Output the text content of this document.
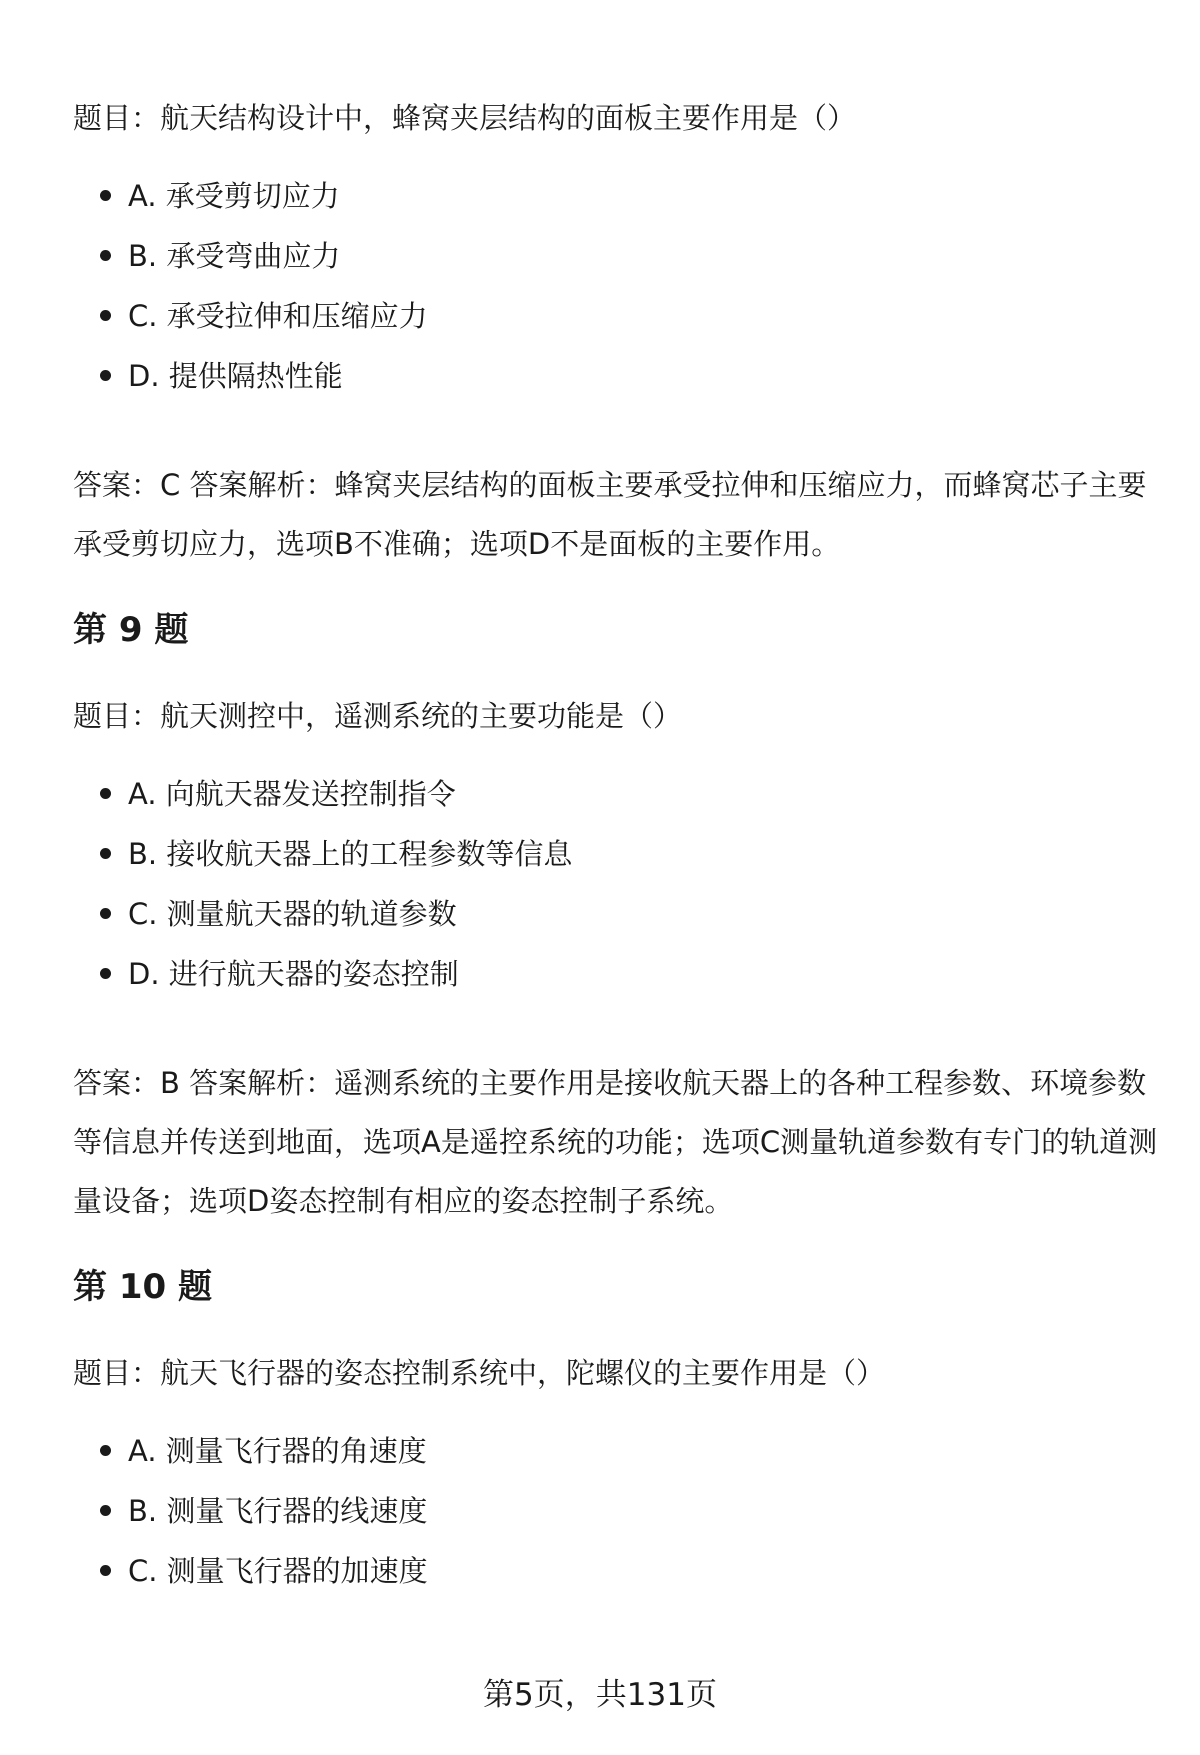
题目：航天结构设计中，蜂窝夹层结构的面板主要作用是（）

A. 承受剪切应力
B. 承受弯曲应力
C. 承受拉伸和压缩应力
D. 提供隔热性能

答案：C 答案解析：蜂窝夹层结构的面板主要承受拉伸和压缩应力，而蜂窝芯子主要承受剪切应力，选项B不准确；选项D不是面板的主要作用。

第 9 题

题目：航天测控中，遥测系统的主要功能是（）

A. 向航天器发送控制指令
B. 接收航天器上的工程参数等信息
C. 测量航天器的轨道参数
D. 进行航天器的姿态控制

答案：B 答案解析：遥测系统的主要作用是接收航天器上的各种工程参数、环境参数等信息并传送到地面，选项A是遥控系统的功能；选项C测量轨道参数有专门的轨道测量设备；选项D姿态控制有相应的姿态控制子系统。

第 10 题

题目：航天飞行器的姿态控制系统中，陀螺仪的主要作用是（）

A. 测量飞行器的角速度
B. 测量飞行器的线速度
C. 测量飞行器的加速度
第5页，共131页
